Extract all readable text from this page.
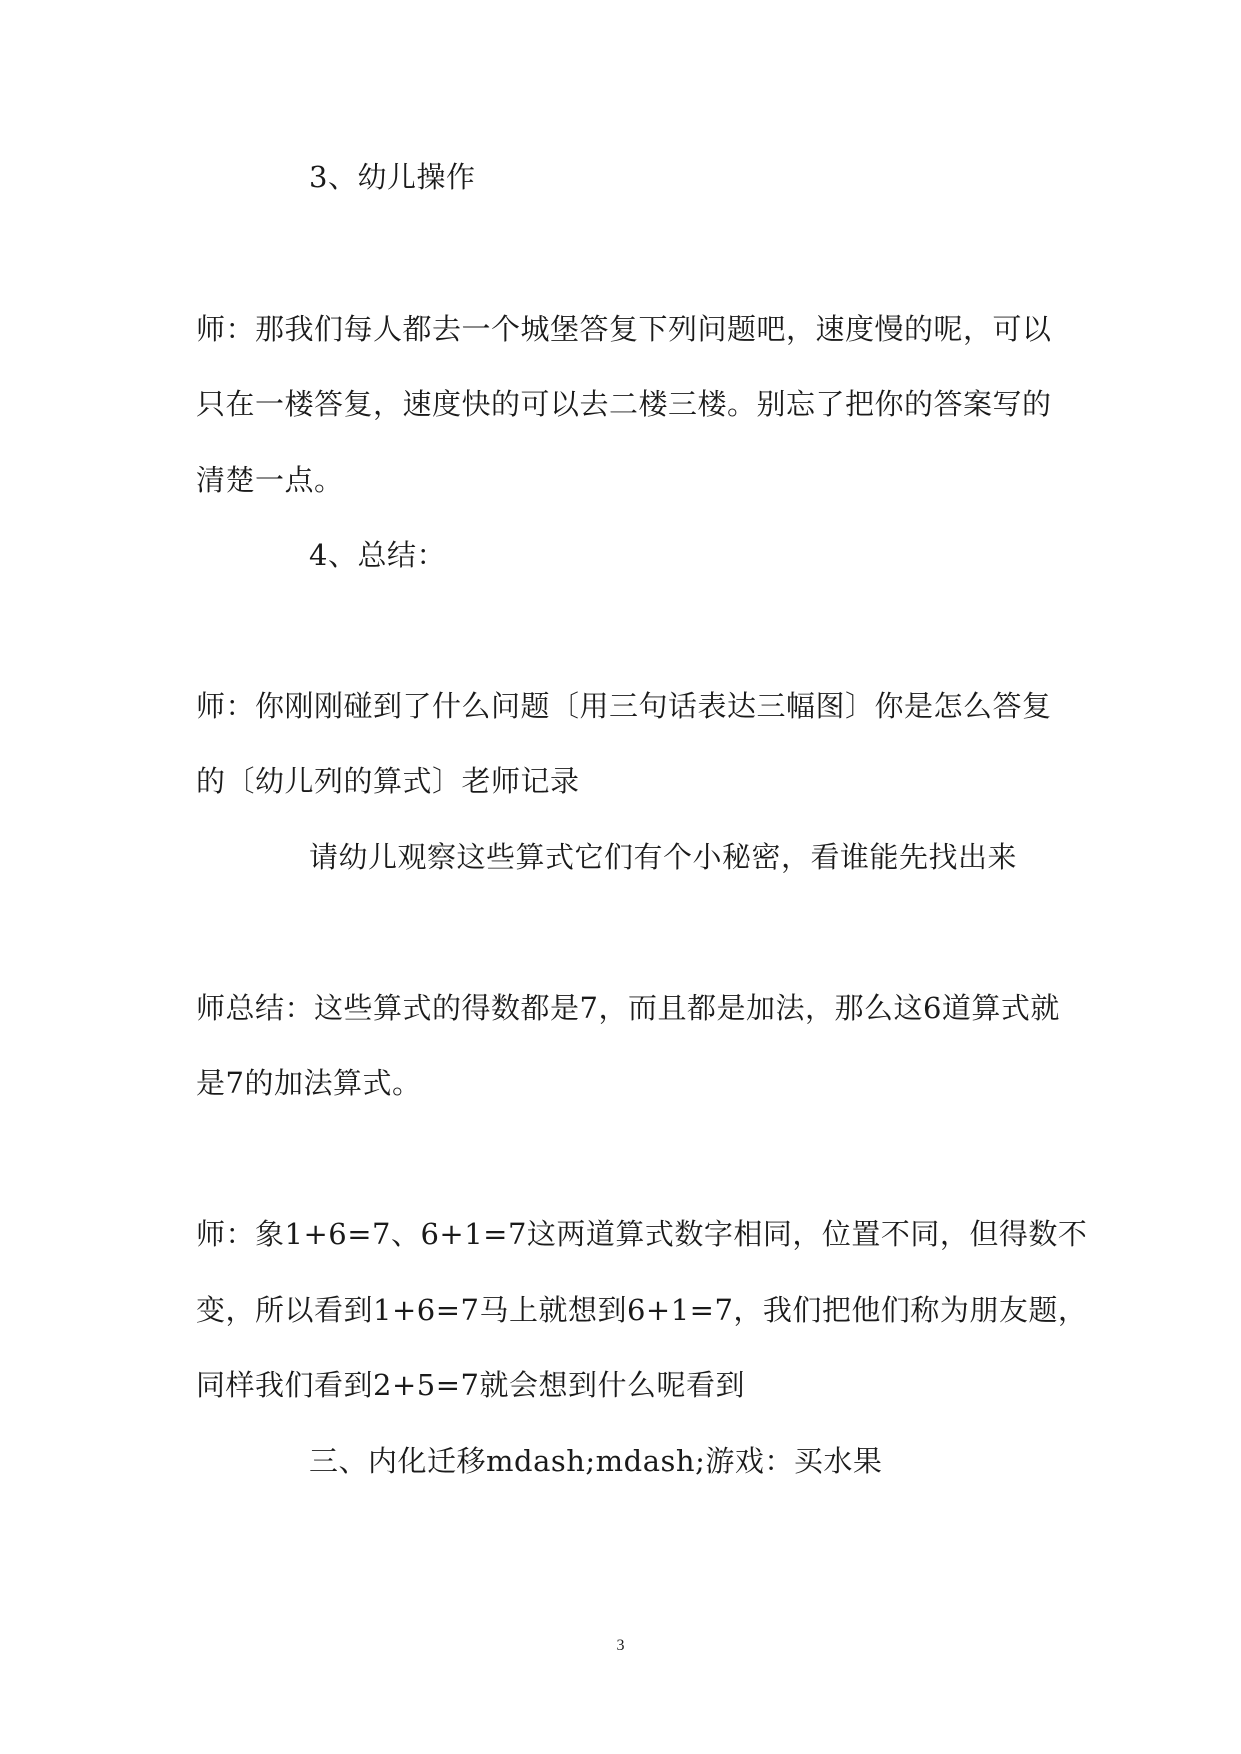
3、幼儿操作
师：那我们每人都去一个城堡答复下列问题吧，速度慢的呢，可以
只在一楼答复，速度快的可以去二楼三楼。别忘了把你的答案写的
清楚一点。
4、总结：
师：你刚刚碰到了什么问题〔用三句话表达三幅图〕你是怎么答复
的〔幼儿列的算式〕老师记录
请幼儿观察这些算式它们有个小秘密，看谁能先找出来
师总结：这些算式的得数都是7，而且都是加法，那么这6道算式就
是7的加法算式。
师：象1+6=7、6+1=7这两道算式数字相同，位置不同，但得数不
变，所以看到1+6=7马上就想到6+1=7，我们把他们称为朋友题，
同样我们看到2+5=7就会想到什么呢看到
三、内化迁移mdash;mdash;游戏：买水果
3
